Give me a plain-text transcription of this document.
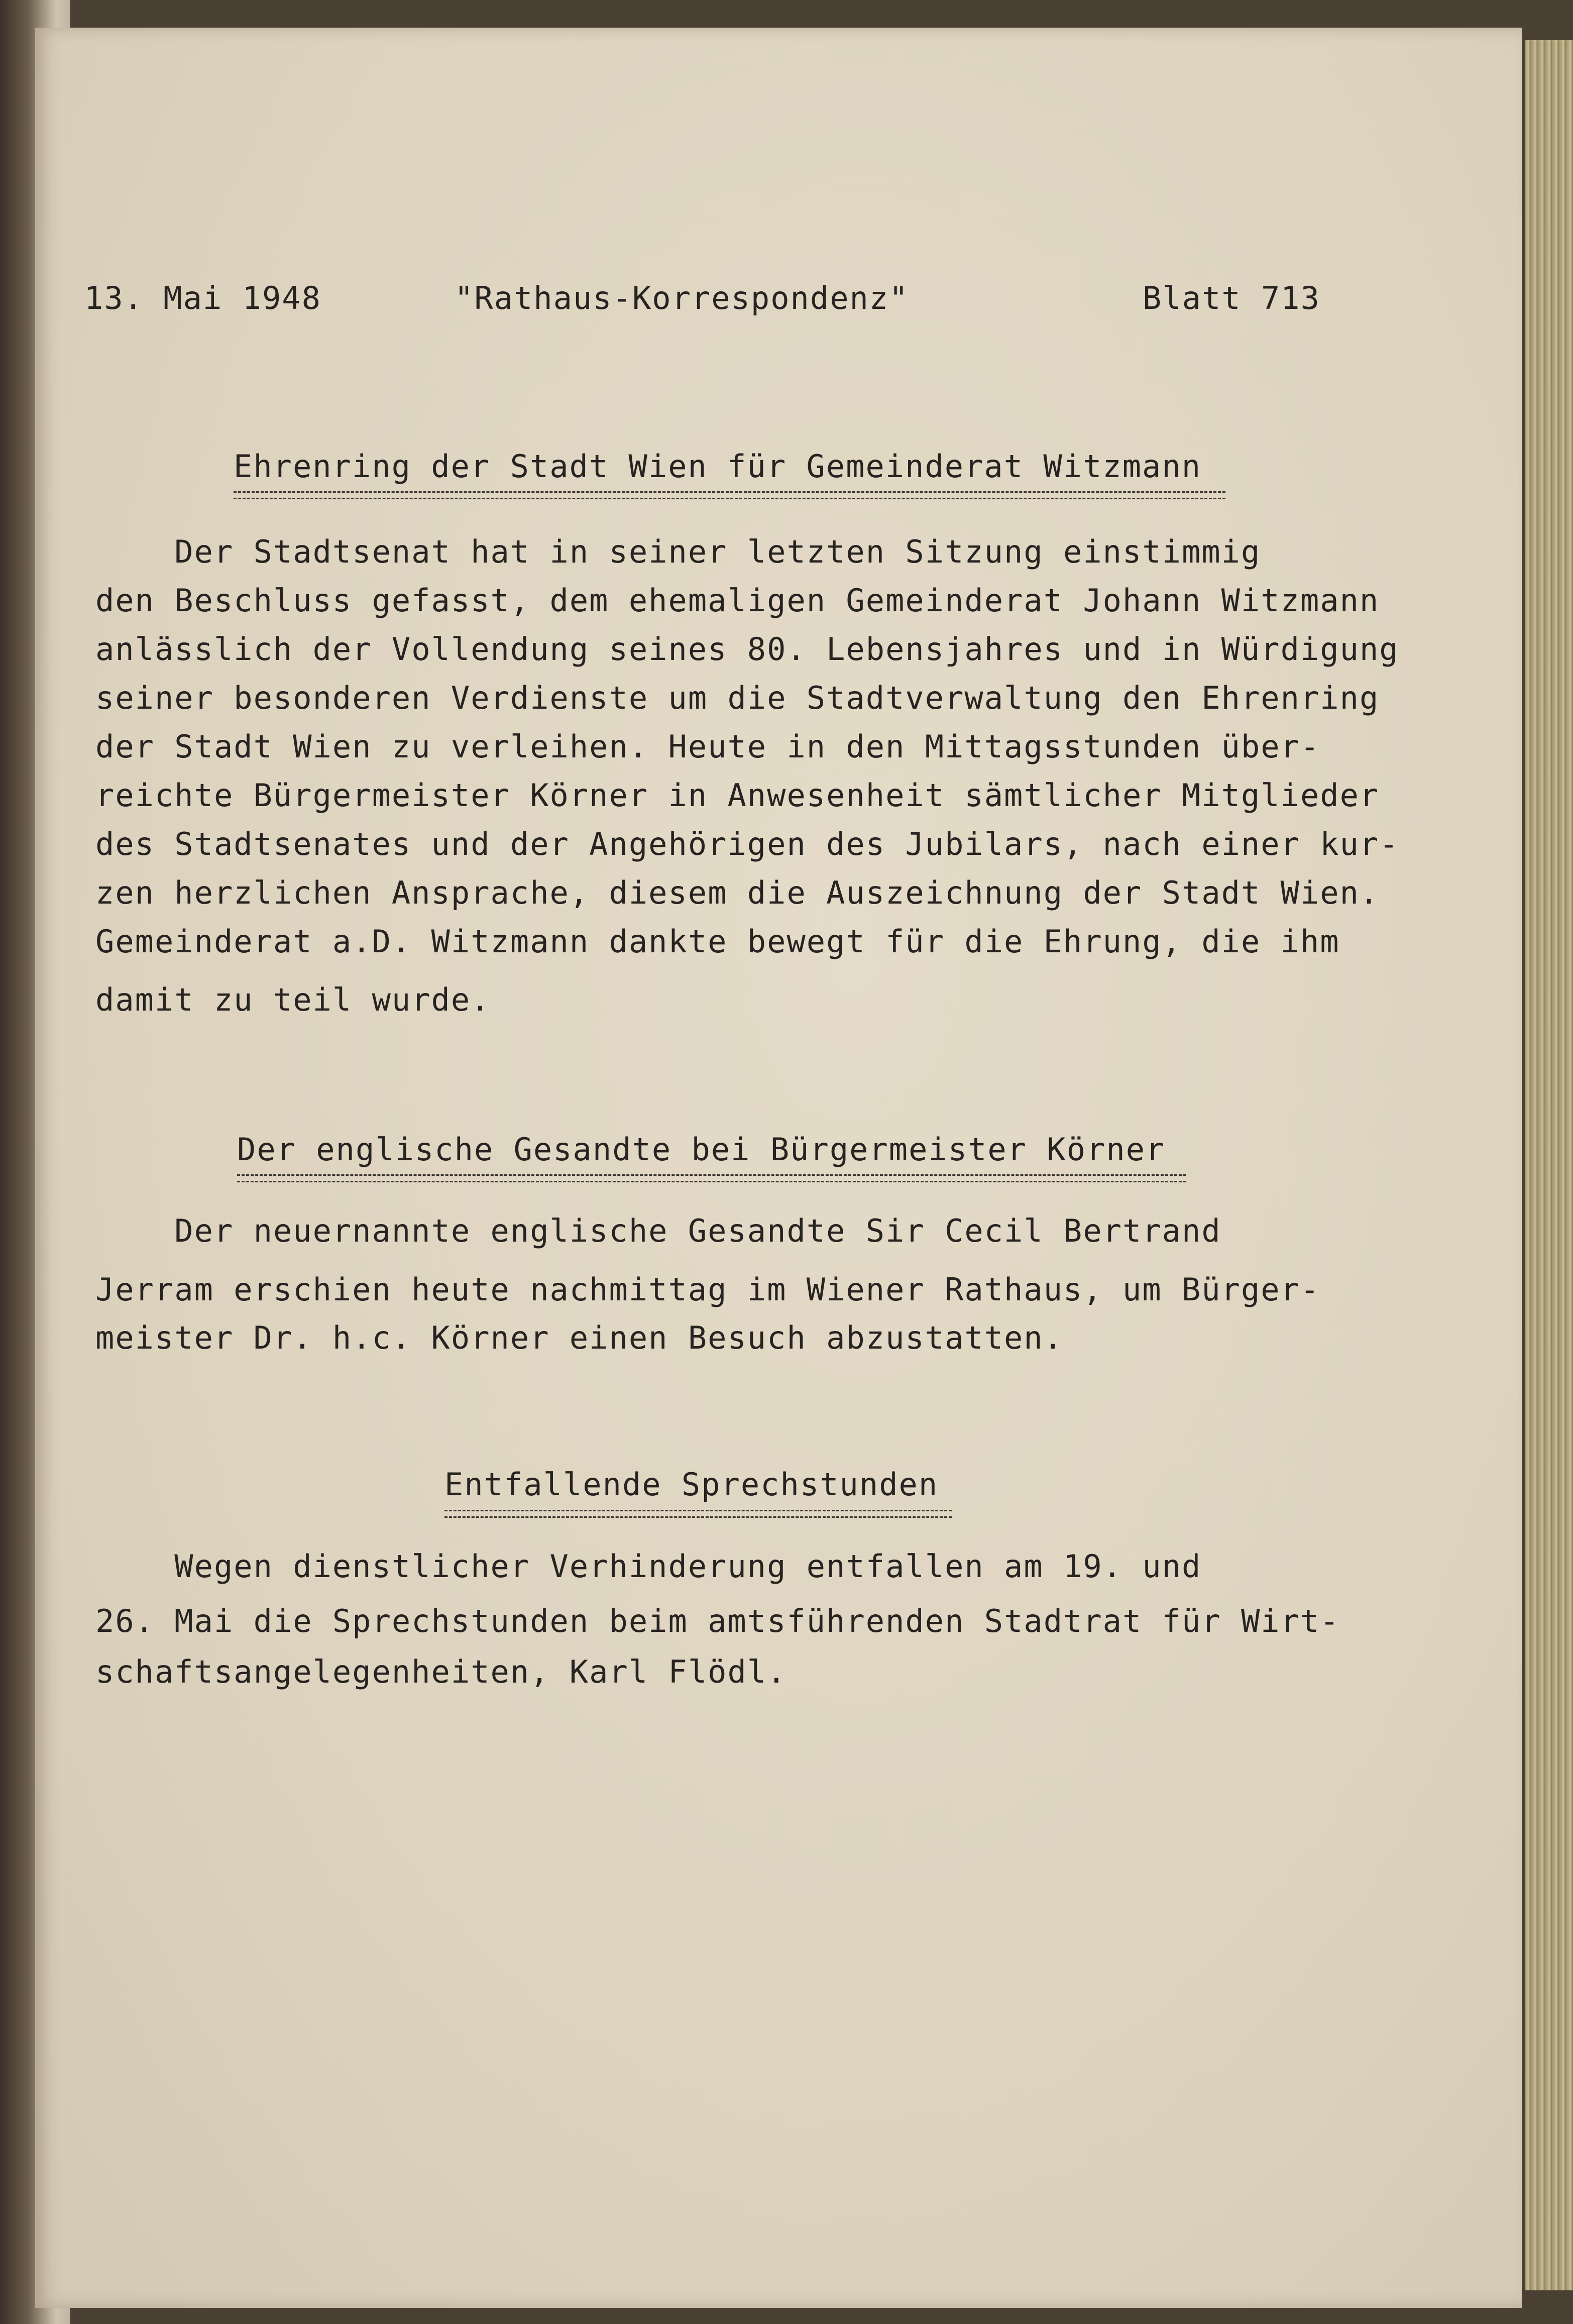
13. Mai 1948	"Rathaus-Korrespondenz"	Blatt 713
Ehrenring der Stadt Wien für Gemeinderat Witzmann
Der Stadtsenat hat in seiner letzten Sitzung einstimmig
den Beschluss gefasst, dem ehemaligen Gemeinderat Johann Witzmann
anlässlich der Vollendung seines 80. Lebensjahres und in Würdigung
seiner besonderen Verdienste um die Stadtverwaltung den Ehrenring
der Stadt Wien zu verleihen. Heute in den Mittagsstunden über-
reichte Bürgermeister Körner in Anwesenheit sämtlicher Mitglieder
des Stadtsenates und der Angehörigen des Jubilars, nach einer kur-
zen herzlichen Ansprache, diesem die Auszeichnung der Stadt Wien.
Gemeinderat a.D. Witzmann dankte bewegt für die Ehrung, die ihm
damit zu teil wurde.
Der englische Gesandte bei Bürgermeister Körner
Der neuernannte englische Gesandte Sir Cecil Bertrand
Jerram erschien heute nachmittag im Wiener Rathaus, um Bürger-
meister Dr. h.c. Körner einen Besuch abzustatten.
Entfallende Sprechstunden
Wegen dienstlicher Verhinderung entfallen am 19. und
26. Mai die Sprechstunden beim amtsführenden Stadtrat für Wirt-
schaftsangelegenheiten, Karl Flödl.
